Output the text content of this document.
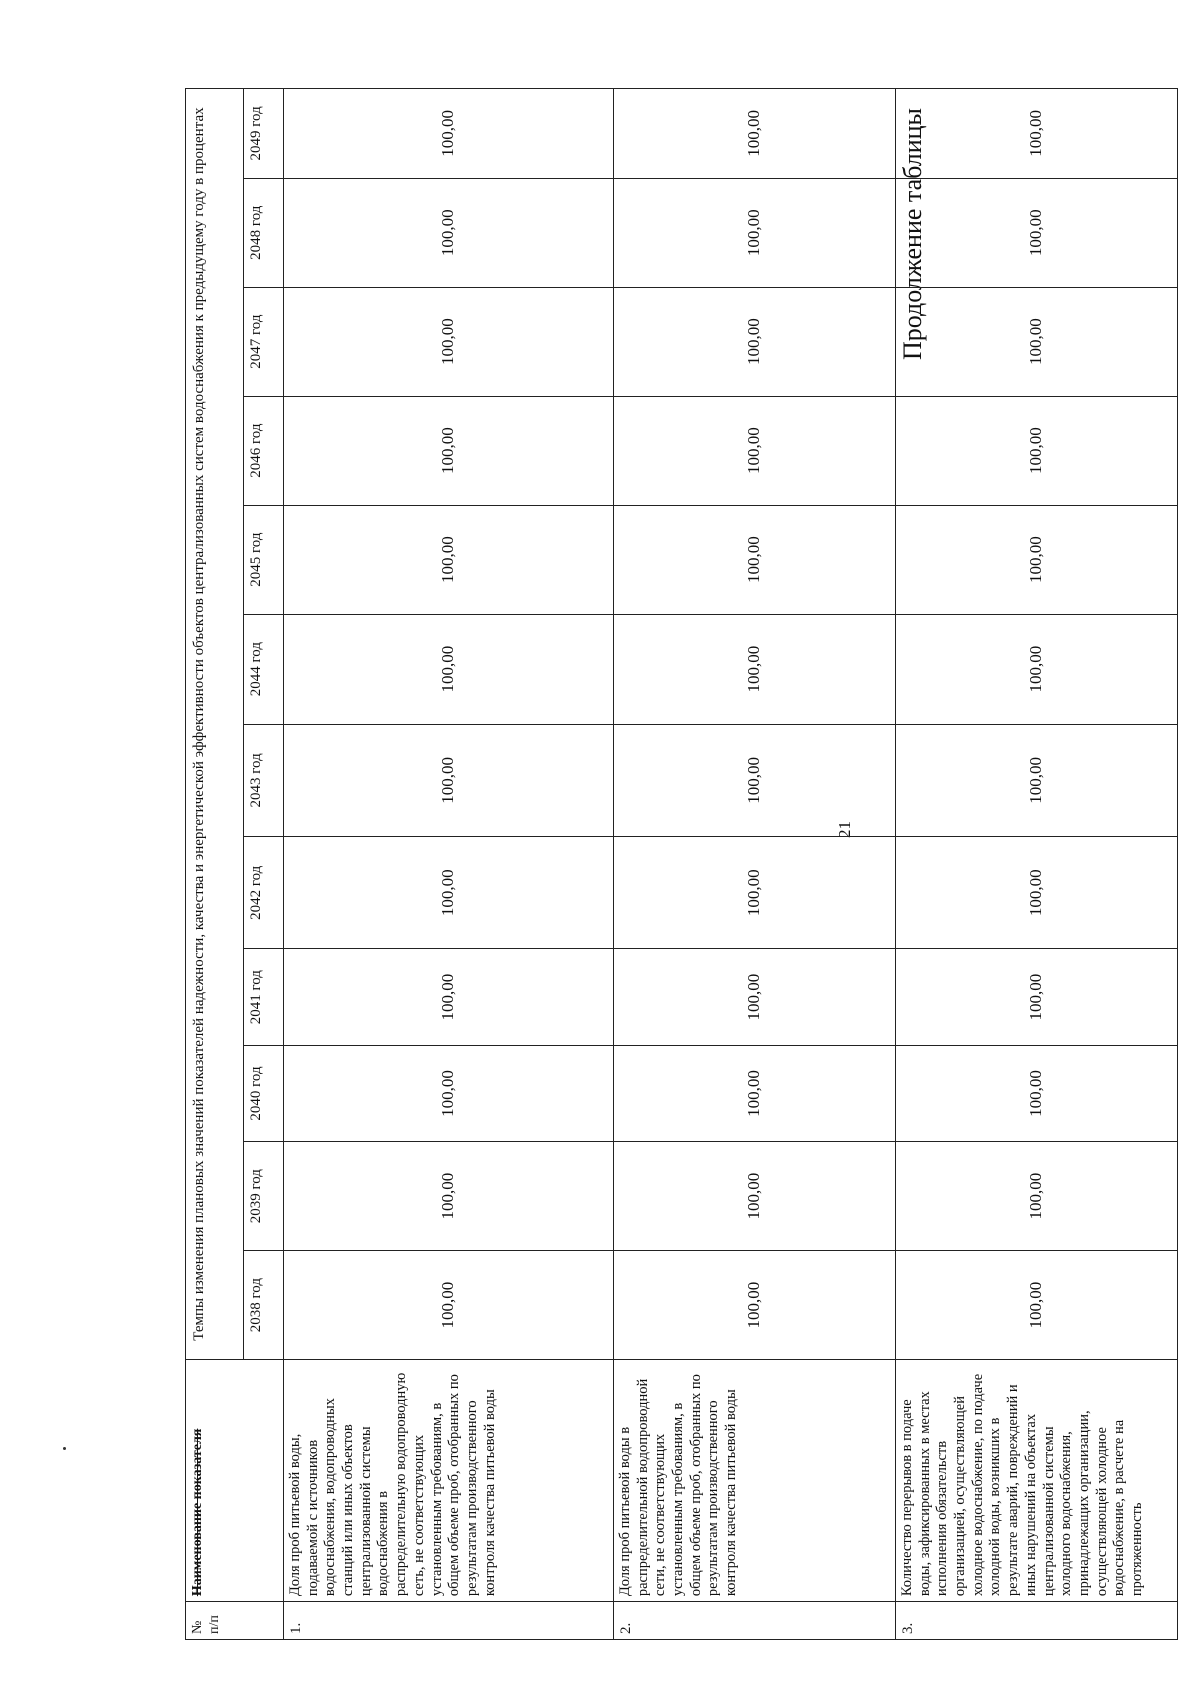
21
Продолжение таблицы
№ п/п	Наименование показателя	Темпы изменения плановых значений показателей надежности, качества и энергетической эффективности объектов централизованных систем водоснабжения к предыдущему году в процентах											
		2038 год	2039 год	2040 год	2041 год	2042 год	2043 год	2044 год	2045 год	2046 год	2047 год	2048 год	2049 год
1.	Доля проб питьевой воды, подаваемой с источников водоснабжения, водопроводных станций или иных объектов централизованной системы водоснабжения в распределительную водопроводную сеть, не соответствующих установленным требованиям, в общем объеме проб, отобранных по результатам производственного контроля качества питьевой воды	100,00	100,00	100,00	100,00	100,00	100,00	100,00	100,00	100,00	100,00	100,00	100,00
2.	Доля проб питьевой воды в распределительной водопроводной сети, не соответствующих установленным требованиям, в общем объеме проб, отобранных по результатам производственного контроля качества питьевой воды	100,00	100,00	100,00	100,00	100,00	100,00	100,00	100,00	100,00	100,00	100,00	100,00
3.	Количество перерывов в подаче воды, зафиксированных в местах исполнения обязательств организацией, осуществляющей холодное водоснабжение, по подаче холодной воды, возникших в результате аварий, повреждений и иных нарушений на объектах централизованной системы холодного водоснабжения, принадлежащих организации, осуществляющей холодное водоснабжение, в расчете на протяженность	100,00	100,00	100,00	100,00	100,00	100,00	100,00	100,00	100,00	100,00	100,00	100,00
